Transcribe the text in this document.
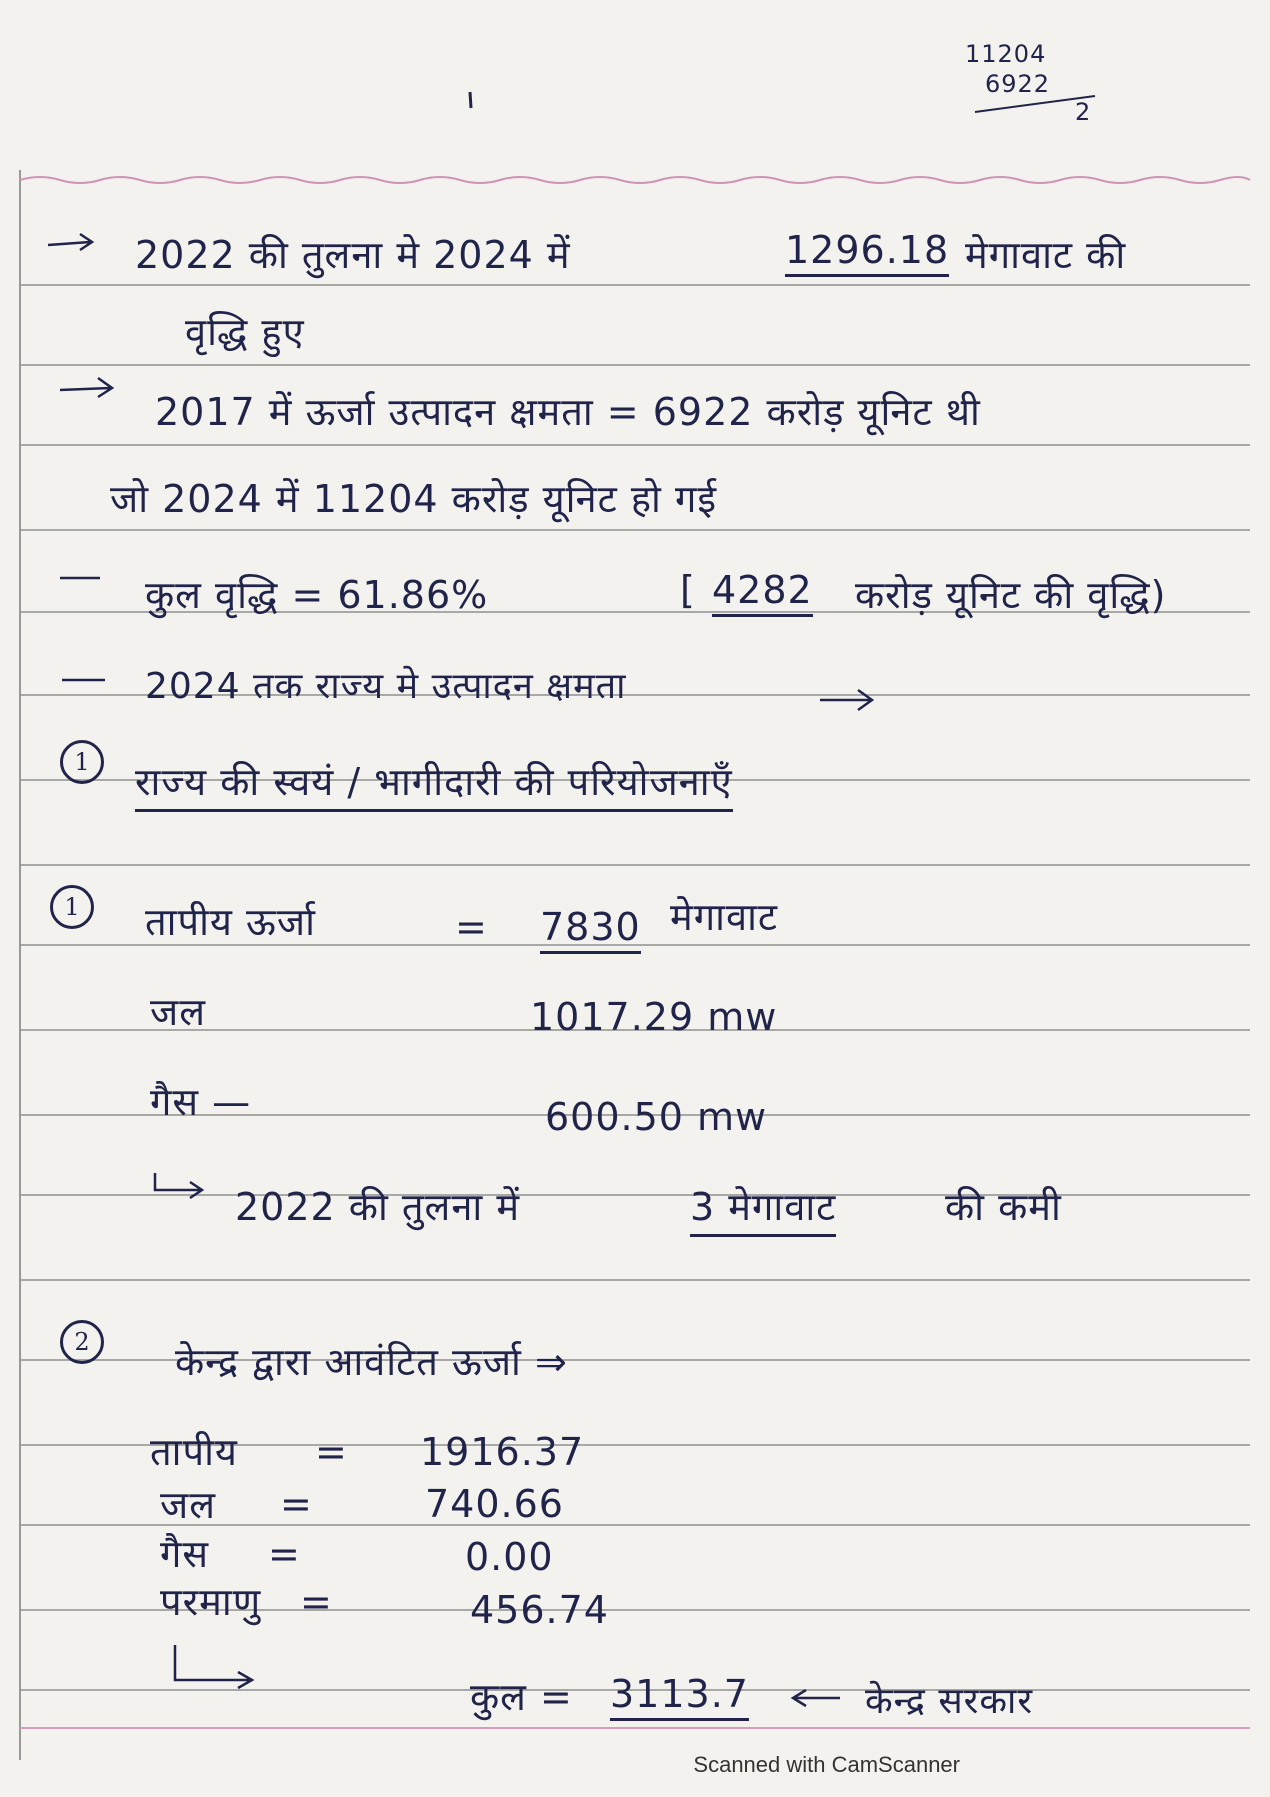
11204
6922
2
2022 की तुलना मे 2024 में	1296.18 मेगावाट की
वृद्धि हुए
2017 में ऊर्जा उत्पादन क्षमता = 6922 करोड़ यूनिट थी
जो 2024 में 11204 करोड़ यूनिट हो गई
कुल वृद्धि = 61.86%	[ 4282 करोड़ यूनिट की वृद्धि)
2024 तक राज्य मे उत्पादन क्षमता
1	राज्य की स्वयं / भागीदारी की परियोजनाएँ
1	तापीय ऊर्जा	= 7830 मेगावाट
जल	1017.29 mw
गैस —	600.50 mw
2022 की तुलना में	3 मेगावाट	की कमी
2	केन्द्र द्वारा आवंटित ऊर्जा ⇒
तापीय = 1916.37
जल =	740.66
गैस =	0.00
परमाणु =	456.74
कुल = 3113.7	केन्द्र सरकार
Scanned with CamScanner
